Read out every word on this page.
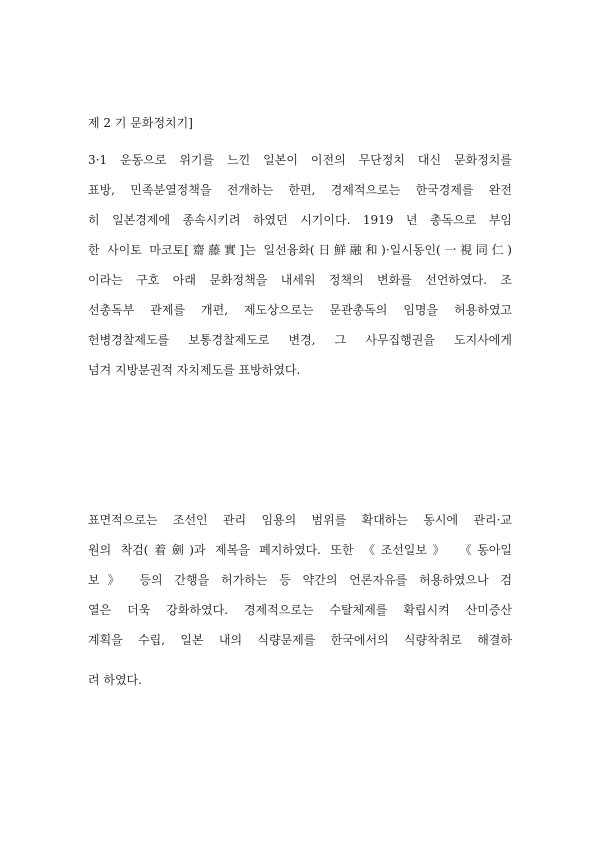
제 2 기 문화정치기]
3·1 운동으로 위기를 느낀 일본이 이전의 무단정치 대신 문화정치를
표방, 민족분열정책을 전개하는 한편, 경제적으로는 한국경제를 완전
히 일본경제에 종속시키려 하였던 시기이다. 1919 년 총독으로 부임
한 사이토 마코토[齋藤實]는 일선융화(日鮮融和)·일시동인(一視同仁)
이라는 구호 아래 문화정책을 내세워 정책의 변화를 선언하였다. 조
선총독부 관제를 개편, 제도상으로는 문관총독의 임명을 허용하였고
헌병경찰제도를 보통경찰제도로 변경, 그 사무집행권을 도지사에게
넘겨 지방분권적 자치제도를 표방하였다.
표면적으로는 조선인 관리 임용의 범위를 확대하는 동시에 관리·교
원의 착검(着劍)과 제복을 폐지하였다. 또한 《조선일보》 《동아일
보》 등의 간행을 허가하는 등 약간의 언론자유를 허용하였으나 검
열은 더욱 강화하였다. 경제적으로는 수탈체제를 확립시켜 산미증산
계획을 수립, 일본 내의 식량문제를 한국에서의 식량착취로 해결하
려 하였다.
